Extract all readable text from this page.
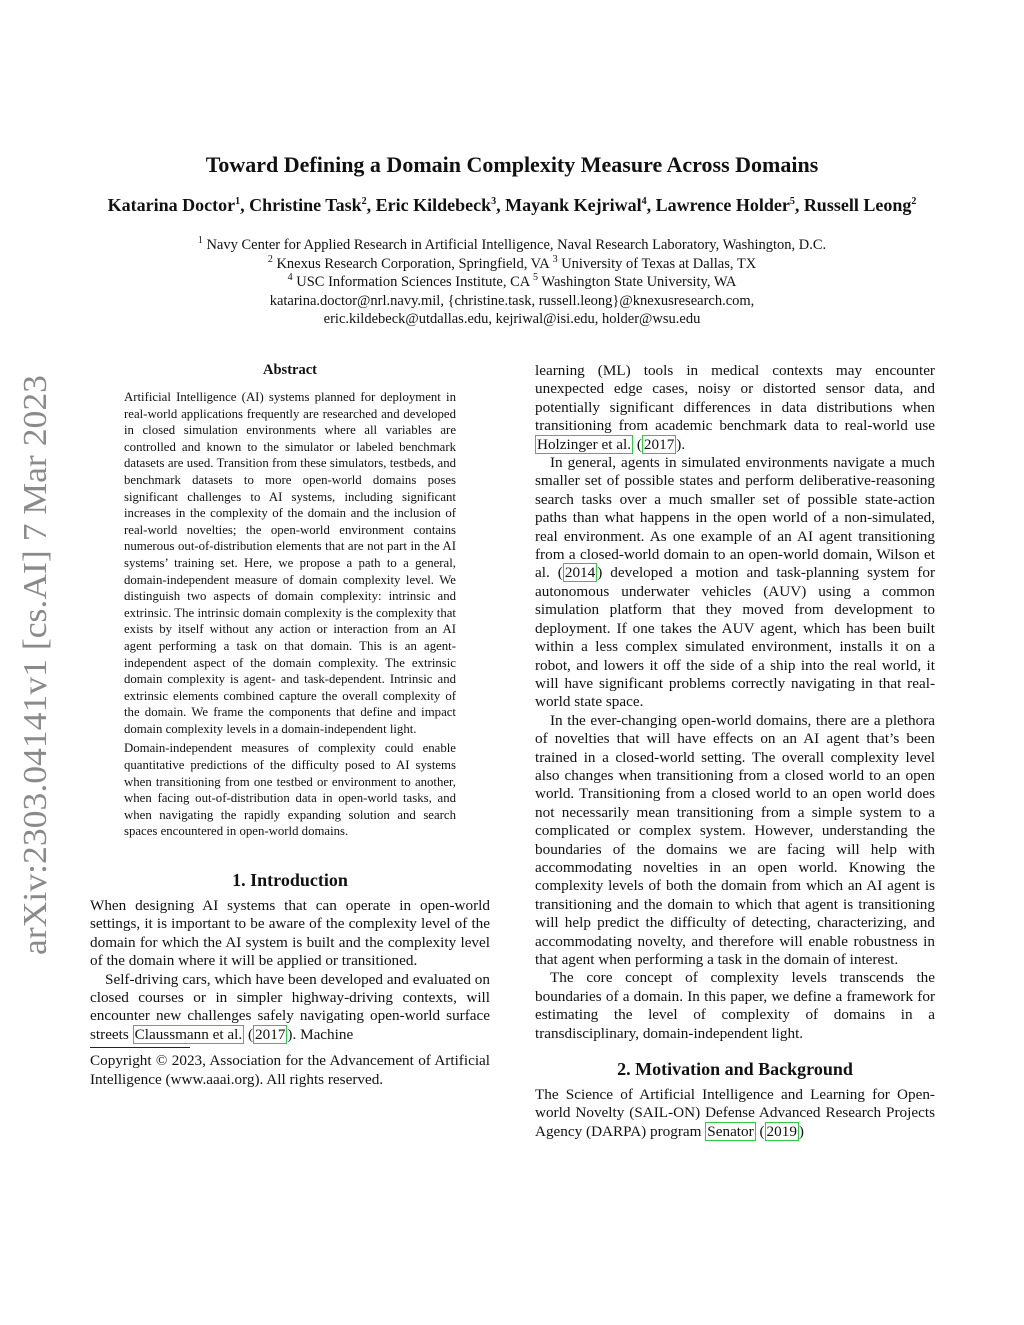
arXiv:2303.04141v1 [cs.AI] 7 Mar 2023
Toward Defining a Domain Complexity Measure Across Domains
Katarina Doctor$^1$, Christine Task$^2$, Eric Kildebeck$^3$, Mayank Kejriwal$^4$, Lawrence Holder$^5$, Russell Leong$^2$
$^1$ Navy Center for Applied Research in Artificial Intelligence, Naval Research Laboratory, Washington, D.C.
$^2$ Knexus Research Corporation, Springfield, VA $^3$ University of Texas at Dallas, TX
$^4$ USC Information Sciences Institute, CA $^5$ Washington State University, WA
katarina.doctor@nrl.navy.mil, {christine.task, russell.leong}@knexusresearch.com,
eric.kildebeck@utdallas.edu, kejriwal@isi.edu, holder@wsu.edu
Abstract

Artificial Intelligence (AI) systems planned for deployment in real-world applications frequently are researched and developed in closed simulation environments where all variables are controlled and known to the simulator or labeled benchmark datasets are used. Transition from these simulators, testbeds, and benchmark datasets to more open-world domains poses significant challenges to AI systems, including significant increases in the complexity of the domain and the inclusion of real-world novelties; the open-world environment contains numerous out-of-distribution elements that are not part in the AI systems’ training set. Here, we propose a path to a general, domain-independent measure of domain complexity level. We distinguish two aspects of domain complexity: intrinsic and extrinsic. The intrinsic domain complexity is the complexity that exists by itself without any action or interaction from an AI agent performing a task on that domain. This is an agent-independent aspect of the domain complexity. The extrinsic domain complexity is agent- and task-dependent. Intrinsic and extrinsic elements combined capture the overall complexity of the domain. We frame the components that define and impact domain complexity levels in a domain-independent light.

Domain-independent measures of complexity could enable quantitative predictions of the difficulty posed to AI systems when transitioning from one testbed or environment to another, when facing out-of-distribution data in open-world tasks, and when navigating the rapidly expanding solution and search spaces encountered in open-world domains.

1. Introduction

When designing AI systems that can operate in open-world settings, it is important to be aware of the complexity level of the domain for which the AI system is built and the complexity level of the domain where it will be applied or transitioned.

Self-driving cars, which have been developed and evaluated on closed courses or in simpler highway-driving contexts, will encounter new challenges safely navigating open-world surface streets Claussmann et al. ( 2017 ). Machine

Copyright © 2023, Association for the Advancement of Artificial Intelligence (www.aaai.org). All rights reserved.

learning (ML) tools in medical contexts may encounter unexpected edge cases, noisy or distorted sensor data, and potentially significant differences in data distributions when transitioning from academic benchmark data to real-world use Holzinger et al. ( 2017 ).

In general, agents in simulated environments navigate a much smaller set of possible states and perform deliberative-reasoning search tasks over a much smaller set of possible state-action paths than what happens in the open world of a non-simulated, real environment. As one example of an AI agent transitioning from a closed-world domain to an open-world domain, Wilson et al. ( 2014 ) developed a motion and task-planning system for autonomous underwater vehicles (AUV) using a common simulation platform that they moved from development to deployment. If one takes the AUV agent, which has been built within a less complex simulated environment, installs it on a robot, and lowers it off the side of a ship into the real world, it will have significant problems correctly navigating in that real-world state space.

In the ever-changing open-world domains, there are a plethora of novelties that will have effects on an AI agent that’s been trained in a closed-world setting. The overall complexity level also changes when transitioning from a closed world to an open world. Transitioning from a closed world to an open world does not necessarily mean transitioning from a simple system to a complicated or complex system. However, understanding the boundaries of the domains we are facing will help with accommodating novelties in an open world. Knowing the complexity levels of both the domain from which an AI agent is transitioning and the domain to which that agent is transitioning will help predict the difficulty of detecting, characterizing, and accommodating novelty, and therefore will enable robustness in that agent when performing a task in the domain of interest.

The core concept of complexity levels transcends the boundaries of a domain. In this paper, we define a framework for estimating the level of complexity of domains in a transdisciplinary, domain-independent light.

2. Motivation and Background

The Science of Artificial Intelligence and Learning for Open-world Novelty (SAIL-ON) Defense Advanced Research Projects Agency (DARPA) program Senator ( 2019 )
